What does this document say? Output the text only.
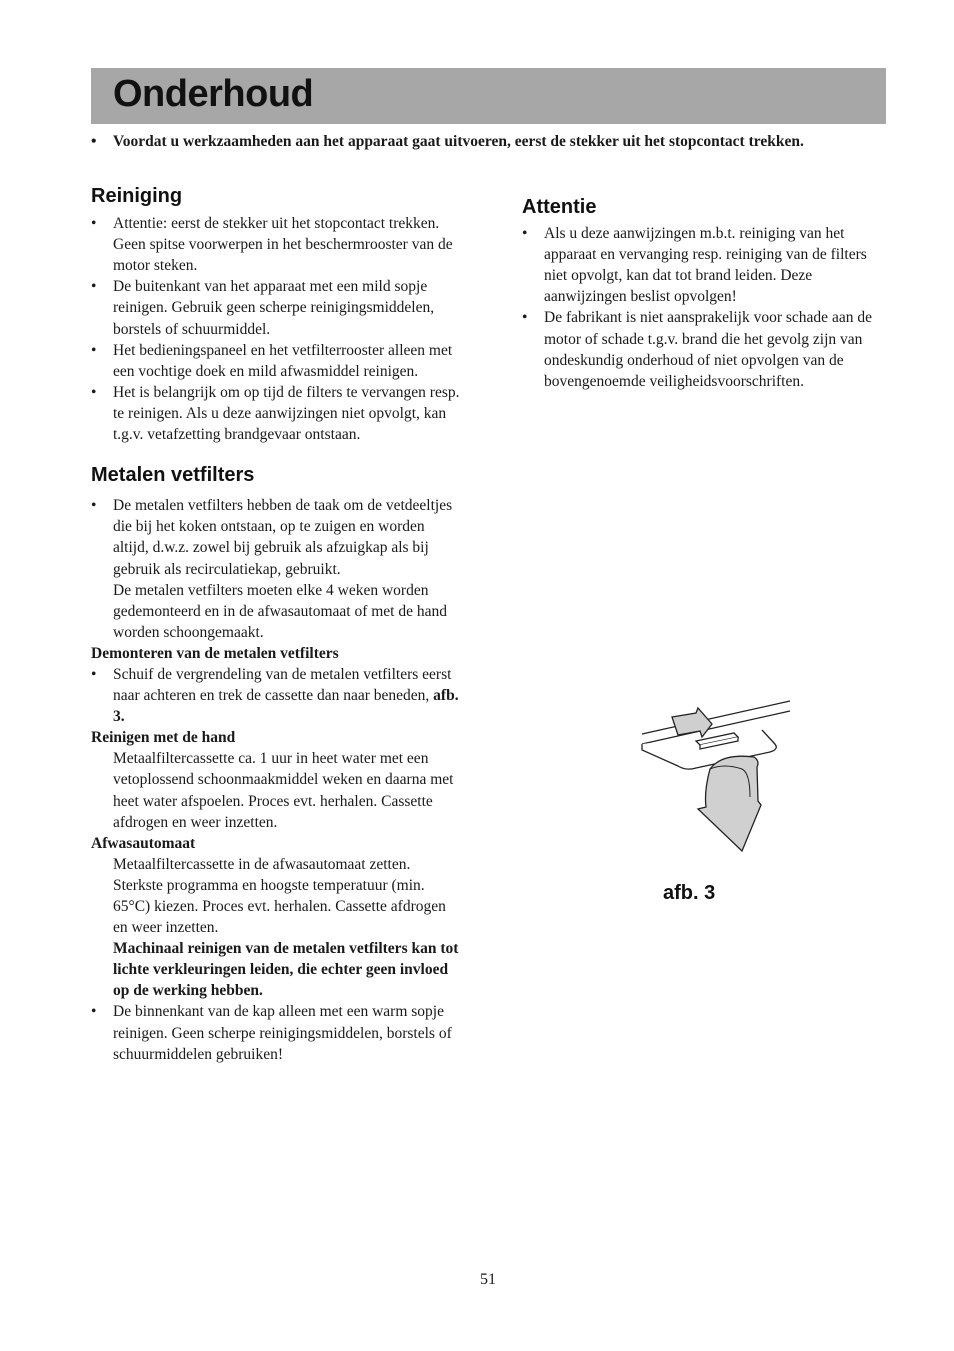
Onderhoud
• Voordat u werkzaamheden aan het apparaat gaat uitvoeren, eerst de stekker uit het stopcontact trekken.
Reiniging
• Attentie: eerst de stekker uit het stopcontact trekken.
Geen spitse voorwerpen in het beschermrooster van de motor steken.
• De buitenkant van het apparaat met een mild sopje reinigen. Gebruik geen scherpe reinigingsmiddelen, borstels of schuurmiddel.
• Het bedieningspaneel en het vetfilterrooster alleen met een vochtige doek en mild afwasmiddel reinigen.
• Het is belangrijk om op tijd de filters te vervangen resp. te reinigen. Als u deze aanwijzingen niet opvolgt, kan t.g.v. vetafzetting brandgevaar ontstaan.
Metalen vetfilters
• De metalen vetfilters hebben de taak om de vetdeeltjes die bij het koken ontstaan, op te zuigen en worden altijd, d.w.z. zowel bij gebruik als afzuigkap als bij gebruik als recirculatiekap, gebruikt.
De metalen vetfilters moeten elke 4 weken worden gedemonteerd en in de afwasautomaat of met de hand worden schoongemaakt.
Demonteren van de metalen vetfilters
• Schuif de vergrendeling van de metalen vetfilters eerst naar achteren en trek de cassette dan naar beneden, afb. 3.
Reinigen met de hand
Metaalfiltercassette ca. 1 uur in heet water met een vetoplossend schoonmaakmiddel weken en daarna met heet water afspoelen. Proces evt. herhalen. Cassette afdrogen en weer inzetten.
Afwasautomaat
Metaalfiltercassette in de afwasautomaat zetten. Sterkste programma en hoogste temperatuur (min. 65°C) kiezen. Proces evt. herhalen. Cassette afdrogen en weer inzetten.
Machinaal reinigen van de metalen vetfilters kan tot lichte verkleuringen leiden, die echter geen invloed op de werking hebben.
• De binnenkant van de kap alleen met een warm sopje reinigen. Geen scherpe reinigingsmiddelen, borstels of schuurmiddelen gebruiken!
Attentie
• Als u deze aanwijzingen m.b.t. reiniging van het apparaat en vervanging resp. reiniging van de filters niet opvolgt, kan dat tot brand leiden. Deze aanwijzingen beslist opvolgen!
• De fabrikant is niet aansprakelijk voor schade aan de motor of schade t.g.v. brand die het gevolg zijn van ondeskundig onderhoud of niet opvolgen van de bovengenoemde veiligheidsvoorschriften.
afb. 3
51
